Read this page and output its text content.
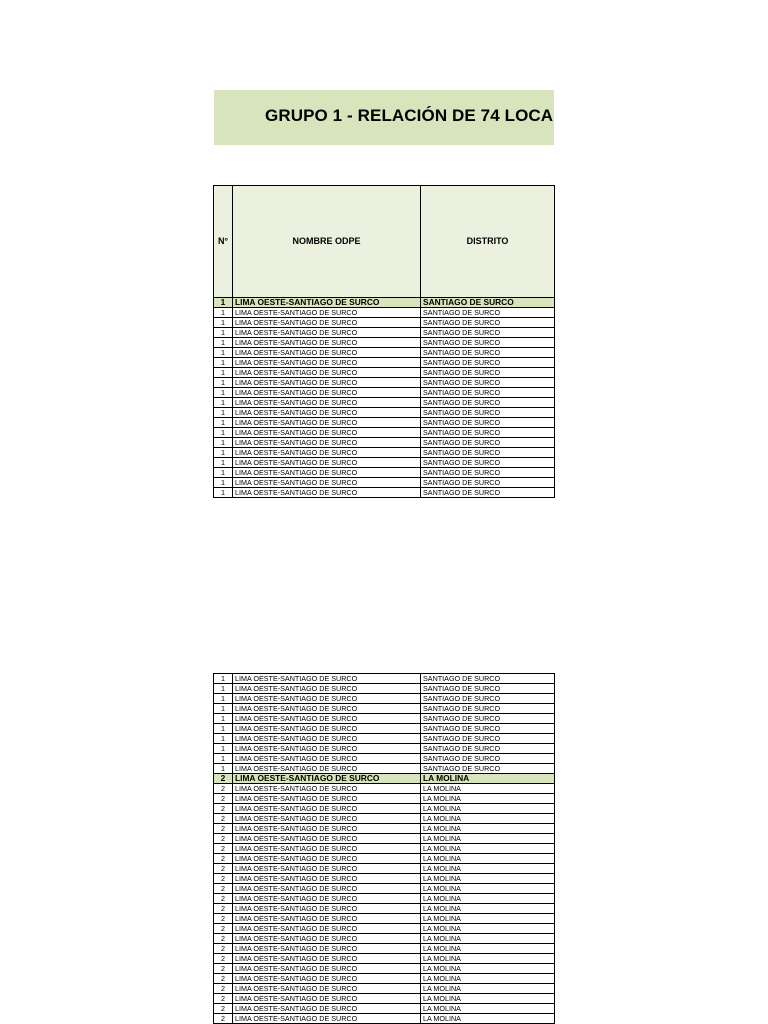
GRUPO 1 - RELACIÓN DE 74 LOCA
N°	NOMBRE ODPE	DISTRITO
1	LIMA OESTE-SANTIAGO DE SURCO	SANTIAGO DE SURCO
1	LIMA OESTE-SANTIAGO DE SURCO	SANTIAGO DE SURCO
1	LIMA OESTE-SANTIAGO DE SURCO	SANTIAGO DE SURCO
1	LIMA OESTE-SANTIAGO DE SURCO	SANTIAGO DE SURCO
1	LIMA OESTE-SANTIAGO DE SURCO	SANTIAGO DE SURCO
1	LIMA OESTE-SANTIAGO DE SURCO	SANTIAGO DE SURCO
1	LIMA OESTE-SANTIAGO DE SURCO	SANTIAGO DE SURCO
1	LIMA OESTE-SANTIAGO DE SURCO	SANTIAGO DE SURCO
1	LIMA OESTE-SANTIAGO DE SURCO	SANTIAGO DE SURCO
1	LIMA OESTE-SANTIAGO DE SURCO	SANTIAGO DE SURCO
1	LIMA OESTE-SANTIAGO DE SURCO	SANTIAGO DE SURCO
1	LIMA OESTE-SANTIAGO DE SURCO	SANTIAGO DE SURCO
1	LIMA OESTE-SANTIAGO DE SURCO	SANTIAGO DE SURCO
1	LIMA OESTE-SANTIAGO DE SURCO	SANTIAGO DE SURCO
1	LIMA OESTE-SANTIAGO DE SURCO	SANTIAGO DE SURCO
1	LIMA OESTE-SANTIAGO DE SURCO	SANTIAGO DE SURCO
1	LIMA OESTE-SANTIAGO DE SURCO	SANTIAGO DE SURCO
1	LIMA OESTE-SANTIAGO DE SURCO	SANTIAGO DE SURCO
1	LIMA OESTE-SANTIAGO DE SURCO	SANTIAGO DE SURCO
1	LIMA OESTE-SANTIAGO DE SURCO	SANTIAGO DE SURCO
1	LIMA OESTE-SANTIAGO DE SURCO	SANTIAGO DE SURCO
1	LIMA OESTE-SANTIAGO DE SURCO	SANTIAGO DE SURCO
1	LIMA OESTE-SANTIAGO DE SURCO	SANTIAGO DE SURCO
1	LIMA OESTE-SANTIAGO DE SURCO	SANTIAGO DE SURCO
1	LIMA OESTE-SANTIAGO DE SURCO	SANTIAGO DE SURCO
1	LIMA OESTE-SANTIAGO DE SURCO	SANTIAGO DE SURCO
1	LIMA OESTE-SANTIAGO DE SURCO	SANTIAGO DE SURCO
1	LIMA OESTE-SANTIAGO DE SURCO	SANTIAGO DE SURCO
1	LIMA OESTE-SANTIAGO DE SURCO	SANTIAGO DE SURCO
1	LIMA OESTE-SANTIAGO DE SURCO	SANTIAGO DE SURCO
2	LIMA OESTE-SANTIAGO DE SURCO	LA MOLINA
2	LIMA OESTE-SANTIAGO DE SURCO	LA MOLINA
2	LIMA OESTE-SANTIAGO DE SURCO	LA MOLINA
2	LIMA OESTE-SANTIAGO DE SURCO	LA MOLINA
2	LIMA OESTE-SANTIAGO DE SURCO	LA MOLINA
2	LIMA OESTE-SANTIAGO DE SURCO	LA MOLINA
2	LIMA OESTE-SANTIAGO DE SURCO	LA MOLINA
2	LIMA OESTE-SANTIAGO DE SURCO	LA MOLINA
2	LIMA OESTE-SANTIAGO DE SURCO	LA MOLINA
2	LIMA OESTE-SANTIAGO DE SURCO	LA MOLINA
2	LIMA OESTE-SANTIAGO DE SURCO	LA MOLINA
2	LIMA OESTE-SANTIAGO DE SURCO	LA MOLINA
2	LIMA OESTE-SANTIAGO DE SURCO	LA MOLINA
2	LIMA OESTE-SANTIAGO DE SURCO	LA MOLINA
2	LIMA OESTE-SANTIAGO DE SURCO	LA MOLINA
2	LIMA OESTE-SANTIAGO DE SURCO	LA MOLINA
2	LIMA OESTE-SANTIAGO DE SURCO	LA MOLINA
2	LIMA OESTE-SANTIAGO DE SURCO	LA MOLINA
2	LIMA OESTE-SANTIAGO DE SURCO	LA MOLINA
2	LIMA OESTE-SANTIAGO DE SURCO	LA MOLINA
2	LIMA OESTE-SANTIAGO DE SURCO	LA MOLINA
2	LIMA OESTE-SANTIAGO DE SURCO	LA MOLINA
2	LIMA OESTE-SANTIAGO DE SURCO	LA MOLINA
2	LIMA OESTE-SANTIAGO DE SURCO	LA MOLINA
2	LIMA OESTE-SANTIAGO DE SURCO	LA MOLINA
